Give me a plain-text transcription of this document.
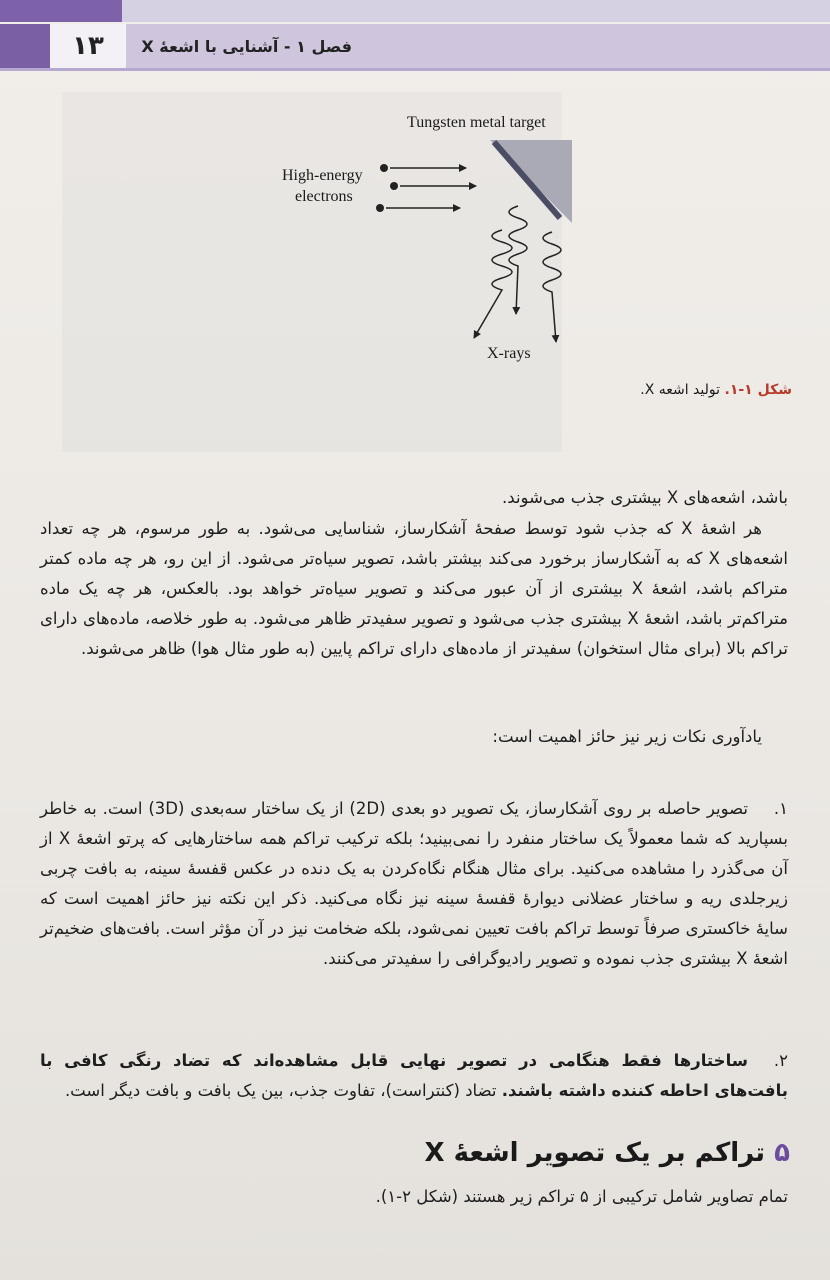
۱۳	فصل ۱ - آشنایی با اشعهٔ X
Tungsten metal target
High-energy
electrons
X-rays
شکل ۱-۱. تولید اشعه X.

باشد، اشعه‌های X بیشتری جذب می‌شوند.

هر اشعهٔ X که جذب شود توسط صفحهٔ آشکارساز، شناسایی می‌شود. به طور مرسوم، هر چه تعداد اشعه‌های X که به آشکارساز برخورد می‌کند بیشتر باشد، تصویر سیاه‌تر می‌شود. از این رو، هر چه ماده کمتر متراکم باشد، اشعهٔ X بیشتری از آن عبور می‌کند و تصویر سیاه‌تر خواهد بود. بالعکس، هر چه یک ماده متراکم‌تر باشد، اشعهٔ X بیشتری جذب می‌شود و تصویر سفیدتر ظاهر می‌شود. به طور خلاصه، ماده‌های دارای تراکم بالا (برای مثال استخوان) سفیدتر از ماده‌های دارای تراکم پایین (به طور مثال هوا) ظاهر می‌شوند.

یادآوری نکات زیر نیز حائز اهمیت است:

۱.تصویر حاصله بر روی آشکارساز، یک تصویر دو بعدی (2D) از یک ساختار سه‌بعدی (3D) است. به خاطر بسپارید که شما معمولاً یک ساختار منفرد را نمی‌بینید؛ بلکه ترکیب تراکم همه ساختارهایی که پرتو اشعهٔ X از آن می‌گذرد را مشاهده می‌کنید. برای مثال هنگام نگاه‌کردن به یک دنده در عکس قفسهٔ سینه، به بافت چربی زیرجلدی ریه و ساختار عضلانی دیوارهٔ قفسهٔ سینه نیز نگاه می‌کنید. ذکر این نکته نیز حائز اهمیت است که سایهٔ خاکستری صرفاً توسط تراکم بافت تعیین نمی‌شود، بلکه ضخامت نیز در آن مؤثر است. بافت‌های ضخیم‌تر اشعهٔ X بیشتری جذب نموده و تصویر رادیوگرافی را سفیدتر می‌کنند.

۲.ساختارها فقط هنگامی در تصویر نهایی قابل مشاهده‌اند که تضاد رنگی کافی با بافت‌های احاطه کننده داشته باشند. تضاد (کنتراست)، تفاوت جذب، بین یک بافت و بافت دیگر است.

۵ تراکم بر یک تصویر اشعهٔ X

تمام تصاویر شامل ترکیبی از ۵ تراکم زیر هستند (شکل ۲-۱).
